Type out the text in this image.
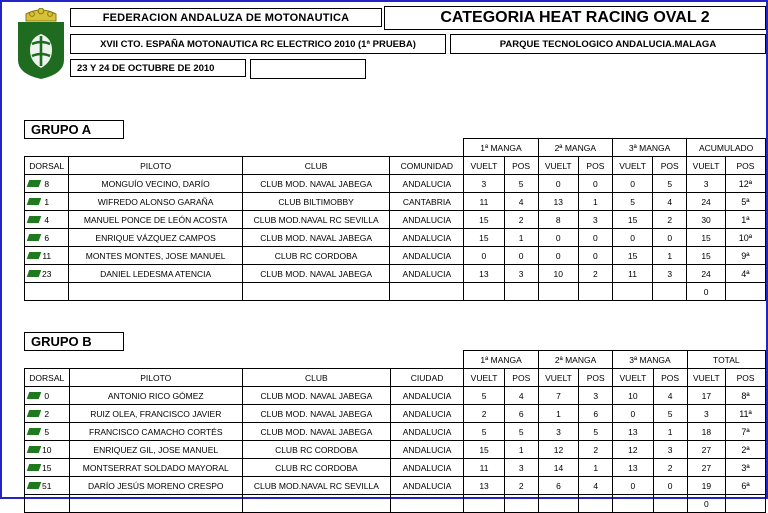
FEDERACION ANDALUZA DE MOTONAUTICA	CATEGORIA HEAT RACING OVAL 2
XVII CTO. ESPAÑA MOTONAUTICA RC ELECTRICO 2010 (1ª PRUEBA)	PARQUE TECNOLOGICO ANDALUCIA.MALAGA
23 Y 24 DE OCTUBRE DE 2010
GRUPO A
				1ª MANGA		2ª MANGA		3ª MANGA		ACUMULADO	
DORSAL	PILOTO	CLUB	COMUNIDAD	VUELT	POS	VUELT	POS	VUELT	POS	VUELT	POS

8	MONGUÍO VECINO, DARÍO	CLUB MOD. NAVAL JABEGA	ANDALUCIA	3	5	0	0	0	5	3	12ª

1	WIFREDO ALONSO GARAÑA	CLUB BILTIMOBBY	CANTABRIA	11	4	13	1	5	4	24	5ª

4	MANUEL PONCE DE LEÓN ACOSTA	CLUB MOD.NAVAL RC SEVILLA	ANDALUCIA	15	2	8	3	15	2	30	1ª

6	ENRIQUE VÁZQUEZ CAMPOS	CLUB MOD. NAVAL JABEGA	ANDALUCIA	15	1	0	0	0	0	15	10ª

11	MONTES MONTES, JOSE MANUEL	CLUB RC CORDOBA	ANDALUCIA	0	0	0	0	15	1	15	9ª

23	DANIEL LEDESMA ATENCIA	CLUB MOD. NAVAL JABEGA	ANDALUCIA	13	3	10	2	11	3	24	4ª
										0	
GRUPO B
				1ª MANGA		2ª MANGA		3ª MANGA		TOTAL	
DORSAL	PILOTO	CLUB	CIUDAD	VUELT	POS	VUELT	POS	VUELT	POS	VUELT	POS

0	ANTONIO RICO GÓMEZ	CLUB MOD. NAVAL JABEGA	ANDALUCIA	5	4	7	3	10	4	17	8ª

2	RUIZ OLEA, FRANCISCO JAVIER	CLUB MOD. NAVAL JABEGA	ANDALUCIA	2	6	1	6	0	5	3	11ª

5	FRANCISCO CAMACHO CORTÉS	CLUB MOD. NAVAL JABEGA	ANDALUCIA	5	5	3	5	13	1	18	7ª

10	ENRIQUEZ GIL, JOSE MANUEL	CLUB RC CORDOBA	ANDALUCIA	15	1	12	2	12	3	27	2ª

15	MONTSERRAT SOLDADO MAYORAL	CLUB RC CORDOBA	ANDALUCIA	11	3	14	1	13	2	27	3ª

51	DARÍO JESÚS MORENO CRESPO	CLUB MOD.NAVAL RC SEVILLA	ANDALUCIA	13	2	6	4	0	0	19	6ª
										0	
